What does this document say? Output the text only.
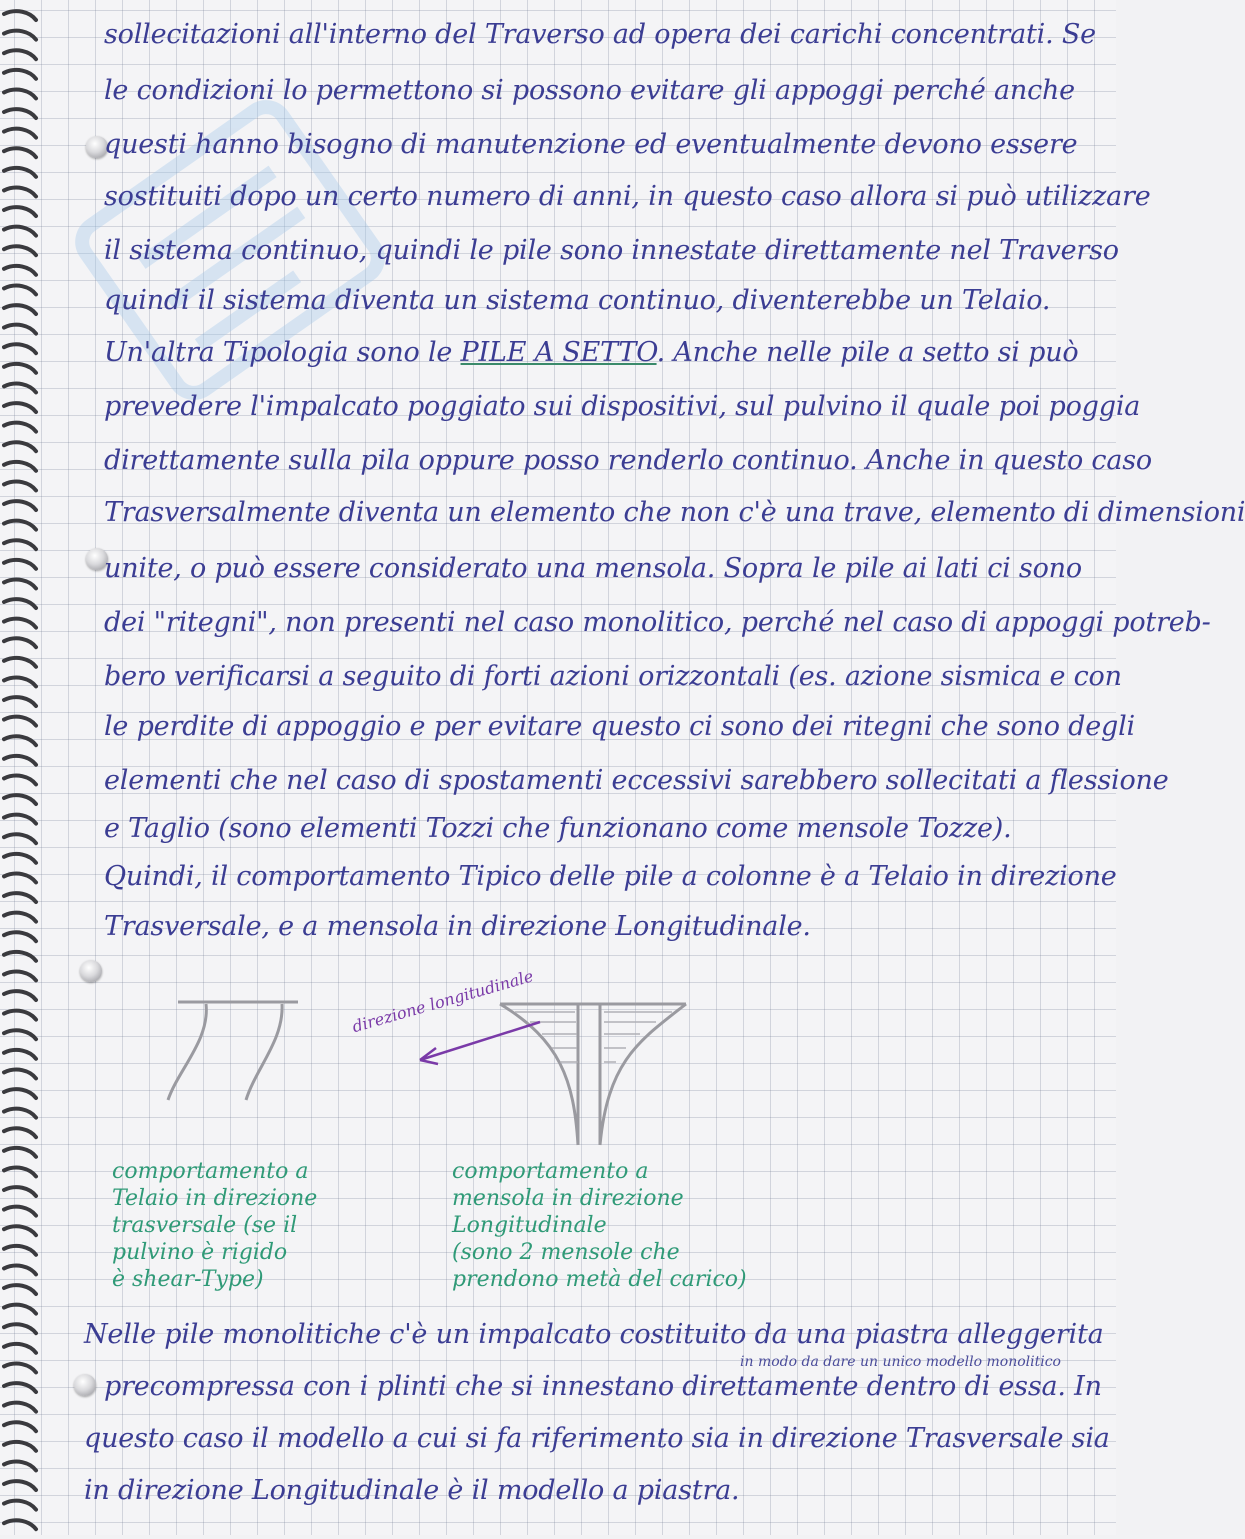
sollecitazioni all'interno del Traverso ad opera dei carichi concentrati. Se
le condizioni lo permettono si possono evitare gli appoggi perché anche
questi hanno bisogno di manutenzione ed eventualmente devono essere
sostituiti dopo un certo numero di anni, in questo caso allora si può utilizzare
il sistema continuo, quindi le pile sono innestate direttamente nel Traverso
quindi il sistema diventa un sistema continuo, diventerebbe un Telaio.
Un'altra Tipologia sono le PILE A SETTO. Anche nelle pile a setto si può
prevedere l'impalcato poggiato sui dispositivi, sul pulvino il quale poi poggia
direttamente sulla pila oppure posso renderlo continuo. Anche in questo caso
Trasversalmente diventa un elemento che non c'è una trave, elemento di dimensioni
unite, o può essere considerato una mensola. Sopra le pile ai lati ci sono
dei "ritegni", non presenti nel caso monolitico, perché nel caso di appoggi potreb-
bero verificarsi a seguito di forti azioni orizzontali (es. azione sismica e con
le perdite di appoggio e per evitare questo ci sono dei ritegni che sono degli
elementi che nel caso di spostamenti eccessivi sarebbero sollecitati a flessione
e Taglio (sono elementi Tozzi che funzionano come mensole Tozze).
Quindi, il comportamento Tipico delle pile a colonne è a Telaio in direzione
Trasversale, e a mensola in direzione Longitudinale.
direzione longitudinale
comportamento a
Telaio in direzione
trasversale (se il
pulvino è rigido
è shear-Type)
comportamento a
mensola in direzione
Longitudinale
(sono 2 mensole che
prendono metà del carico)
Nelle pile monolitiche c'è un impalcato costituito da una piastra alleggerita
in modo da dare un unico modello monolitico
precompressa con i plinti che si innestano direttamente dentro di essa. In
questo caso il modello a cui si fa riferimento sia in direzione Trasversale sia
in direzione Longitudinale è il modello a piastra.
